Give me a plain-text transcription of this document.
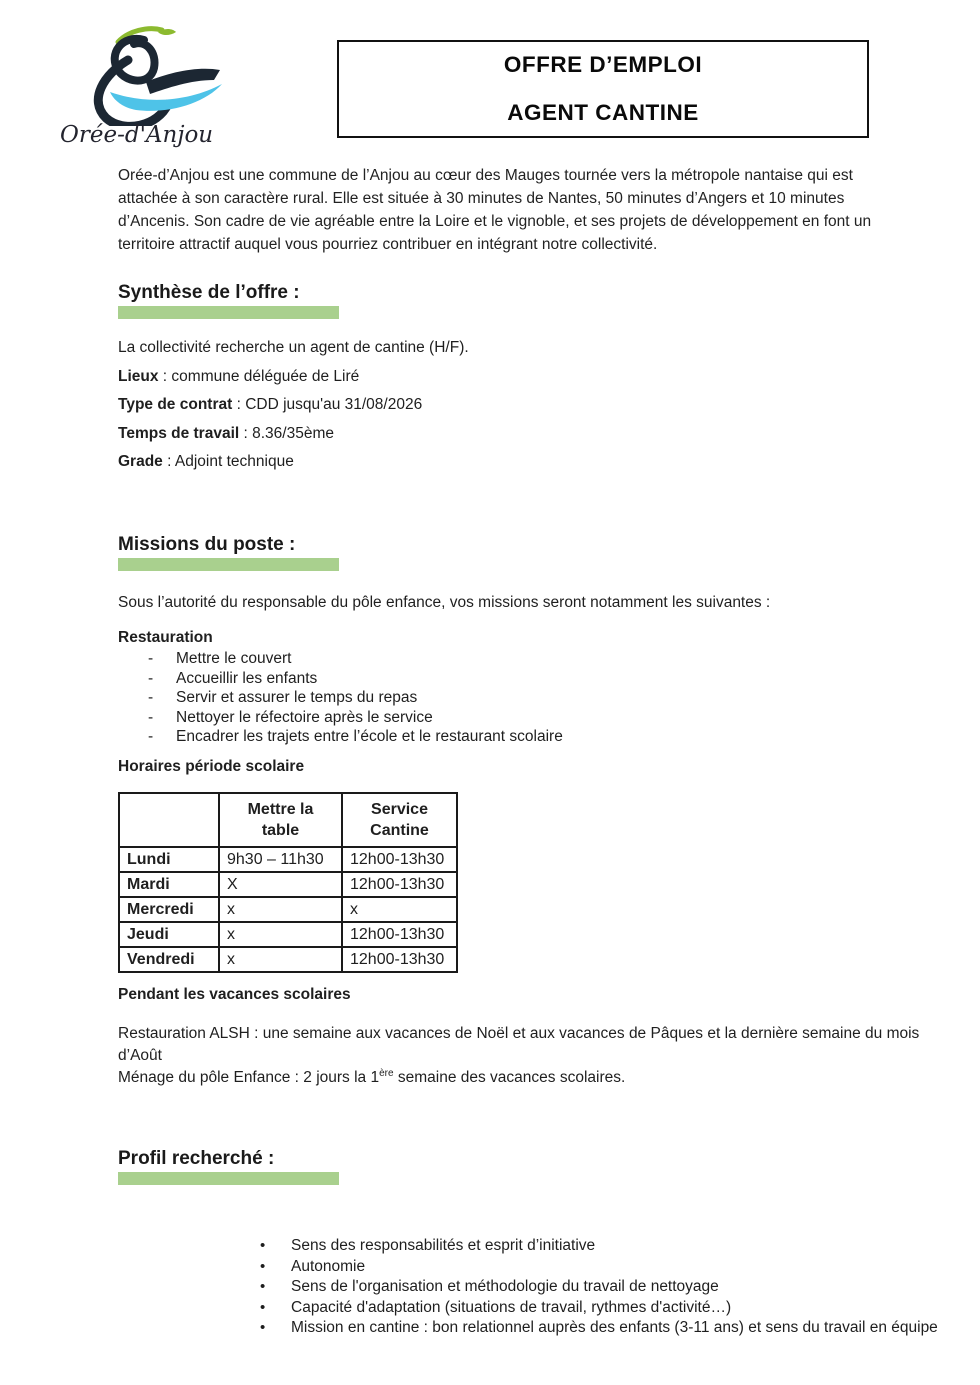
Orée-d'Anjou
OFFRE D’EMPLOI
AGENT CANTINE

Orée-d’Anjou est une commune de l’Anjou au cœur des Mauges tournée vers la métropole nantaise qui est attachée à son caractère rural. Elle est située à 30 minutes de Nantes, 50 minutes d’Angers et 10 minutes d’Ancenis. Son cadre de vie agréable entre la Loire et le vignoble, et ses projets de développement en font un territoire attractif auquel vous pourriez contribuer en intégrant notre collectivité.

Synthèse de l’offre :

La collectivité recherche un agent de cantine (H/F).

Lieux : commune déléguée de Liré

Type de contrat : CDD jusqu'au 31/08/2026

Temps de travail : 8.36/35ème

Grade : Adjoint technique

Missions du poste :

Sous l’autorité du responsable du pôle enfance, vos missions seront notamment les suivantes :

Restauration
-	Mettre le couvert
-	Accueillir les enfants
-	Servir et assurer le temps du repas
-	Nettoyer le réfectoire après le service
-	Encadrer les trajets entre l’école et le restaurant scolaire
Horaires période scolaire
	Mettre la table	Service Cantine
Lundi	9h30 – 11h30	12h00-13h30
Mardi	X	12h00-13h30
Mercredi	x	x
Jeudi	x	12h00-13h30
Vendredi	x	12h00-13h30
Pendant les vacances scolaires

Restauration ALSH : une semaine aux vacances de Noël et aux vacances de Pâques et la dernière semaine du mois d’Août

Ménage du pôle Enfance : 2 jours la 1ère semaine des vacances scolaires.

Profil recherché :
•	Sens des responsabilités et esprit d’initiative
•	Autonomie
•	Sens de l'organisation et méthodologie du travail de nettoyage
•	Capacité d'adaptation (situations de travail, rythmes d'activité…)
•	Mission en cantine : bon relationnel auprès des enfants (3-11 ans) et sens du travail en équipe
